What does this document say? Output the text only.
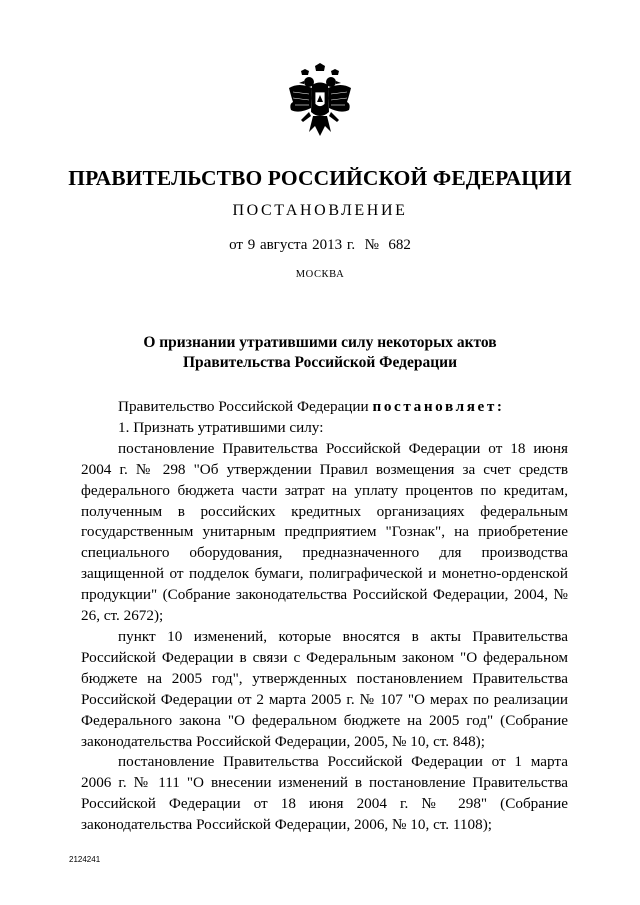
ПРАВИТЕЛЬСТВО РОССИЙСКОЙ ФЕДЕРАЦИИ
ПОСТАНОВЛЕНИЕ
от 9 августа 2013 г. № 682
МОСКВА
О признании утратившими силу некоторых актов
Правительства Российской Федерации

Правительство Российской Федерации постановляет:

1. Признать утратившими силу:

постановление Правительства Российской Федерации от 18 июня 2004 г. № 298 "Об утверждении Правил возмещения за счет средств федерального бюджета части затрат на уплату процентов по кредитам, полученным в российских кредитных организациях федеральным государственным унитарным предприятием "Гознак", на приобретение специального оборудования, предназначенного для производства защищенной от подделок бумаги, полиграфической и монетно-орденской продукции" (Собрание законодательства Российской Федерации, 2004, № 26, ст. 2672);

пункт 10 изменений, которые вносятся в акты Правительства Российской Федерации в связи с Федеральным законом "О федеральном бюджете на 2005 год", утвержденных постановлением Правительства Российской Федерации от 2 марта 2005 г. № 107 "О мерах по реализации Федерального закона "О федеральном бюджете на 2005 год" (Собрание законодательства Российской Федерации, 2005, № 10, ст. 848);

постановление Правительства Российской Федерации от 1 марта 2006 г. № 111 "О внесении изменений в постановление Правительства Российской Федерации от 18 июня 2004 г. № 298" (Собрание законодательства Российской Федерации, 2006, № 10, ст. 1108);

2124241
